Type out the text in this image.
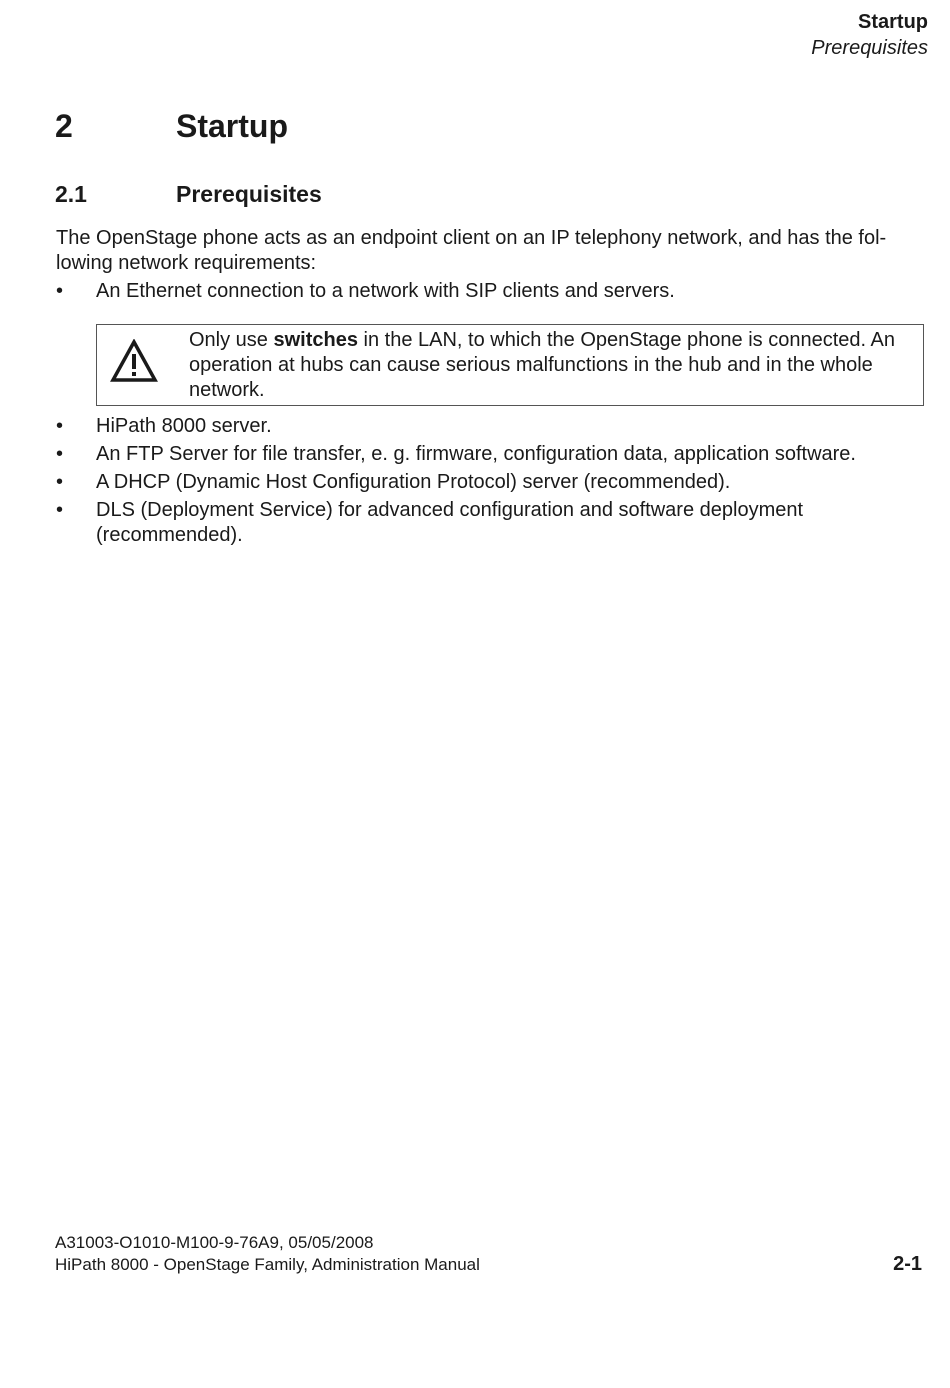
Startup
Prerequisites
2	Startup
2.1	Prerequisites
The OpenStage phone acts as an endpoint client on an IP telephony network, and has the fol-lowing network requirements:
• An Ethernet connection to a network with SIP clients and servers.
Only use switches in the LAN, to which the OpenStage phone is connected. An operation at hubs can cause serious malfunctions in the hub and in the whole network.
• HiPath 8000 server.
• An FTP Server for file transfer, e. g. firmware, configuration data, application software.
• A DHCP (Dynamic Host Configuration Protocol) server (recommended).
• DLS (Deployment Service) for advanced configuration and software deployment (recommended).
A31003-O1010-M100-9-76A9, 05/05/2008
HiPath 8000 - OpenStage Family, Administration Manual	2-1
